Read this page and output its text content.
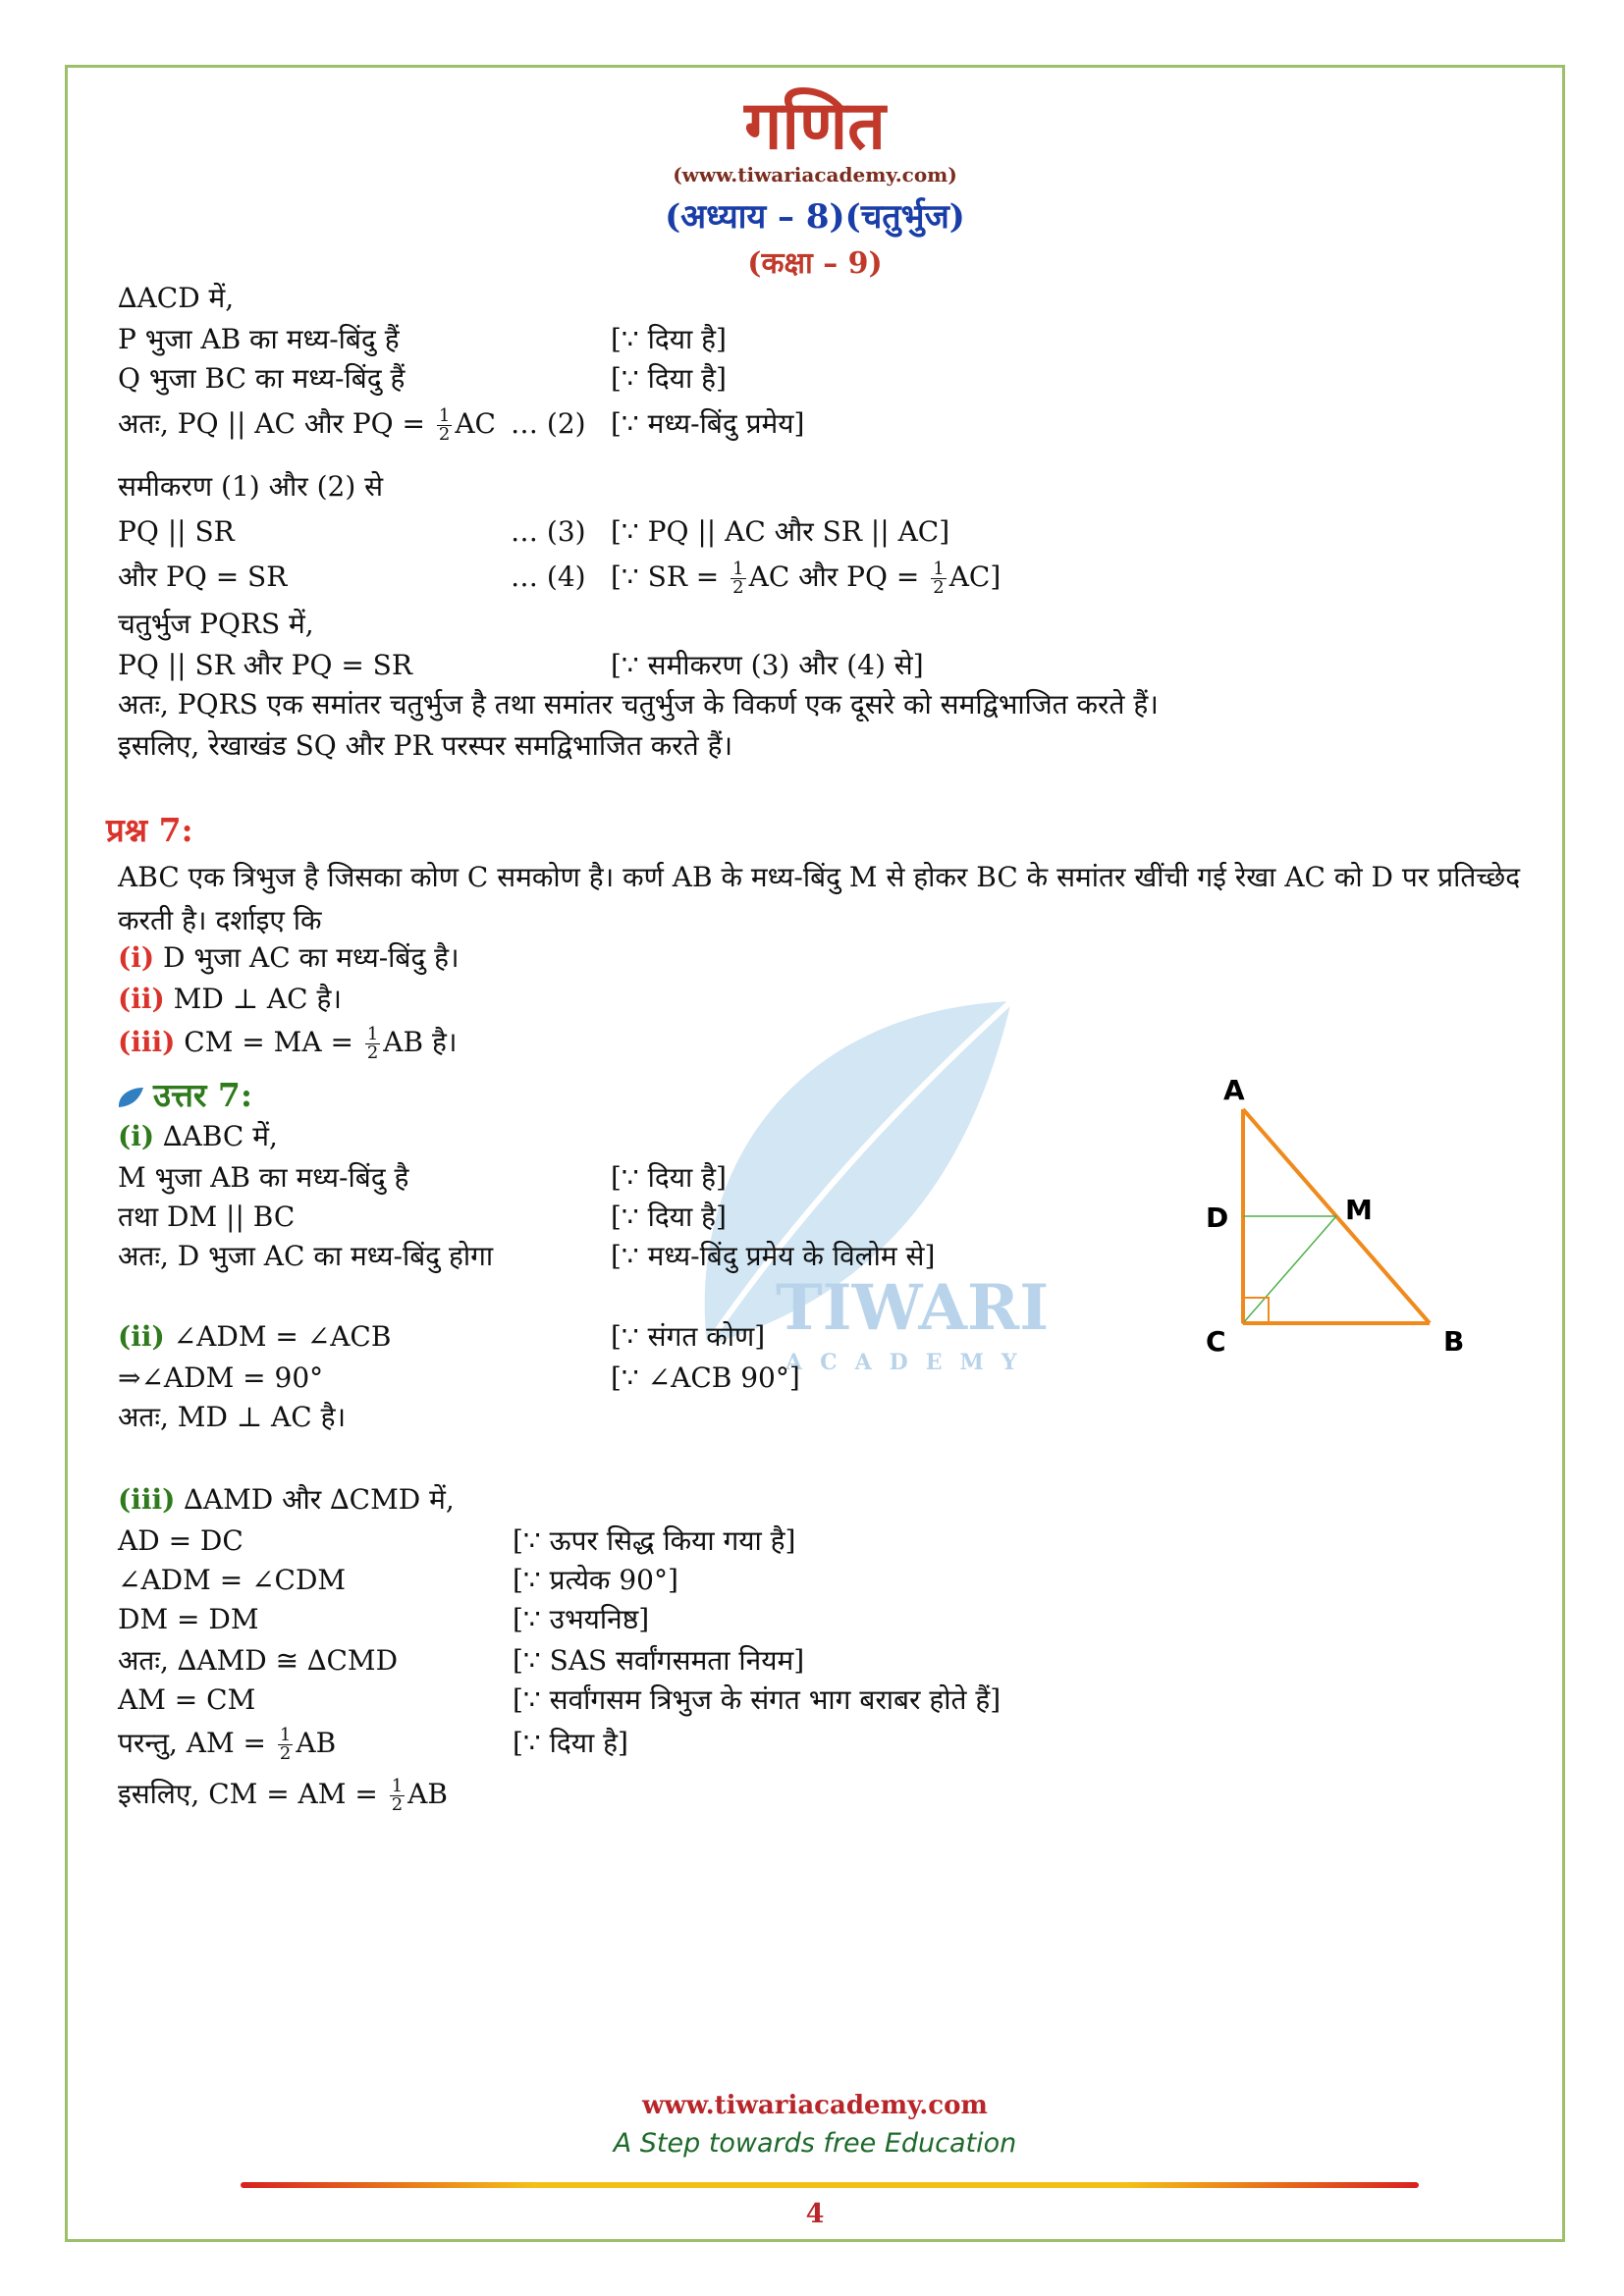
TIWARI
ACADEMY
गणित
(www.tiwariacademy.com)
(अध्याय – 8)(चतुर्भुज)
(कक्षा – 9)
∆ACD में,
P भुजा AB का मध्य-बिंदु हैं	[∵ दिया है]
Q भुजा BC का मध्य-बिंदु हैं	[∵ दिया है]
अतः, PQ || AC और PQ = $\frac{1}{2}$ AC … (2) [∵ मध्य-बिंदु प्रमेय]
समीकरण (1) और (2) से
PQ || SR	… (3) [∵ PQ || AC और SR || AC]
और PQ = SR	… (4) [∵ SR = $\frac{1}{2}$ AC और PQ = $\frac{1}{2} AC$]
चतुर्भुज PQRS में,
PQ || SR और PQ = SR	[∵ समीकरण (3) और (4) से]
अतः, PQRS एक समांतर चतुर्भुज है तथा समांतर चतुर्भुज के विकर्ण एक दूसरे को समद्विभाजित करते हैं।
इसलिए, रेखाखंड SQ और PR परस्पर समद्विभाजित करते हैं।
प्रश्न 7:
ABC एक त्रिभुज है जिसका कोण C समकोण है। कर्ण AB के मध्य-बिंदु M से होकर BC के समांतर खींची गई रेखा AC को D पर प्रतिच्छेद करती है। दर्शाइए कि
(i) D भुजा AC का मध्य-बिंदु है।
(ii) MD ⊥ AC है।
(iii) CM = MA = $\frac{1}{2}$ AB है।
उत्तर 7:
(i) ∆ABC में,
M भुजा AB का मध्य-बिंदु है	[∵ दिया है]
तथा DM || BC	[∵ दिया है]
अतः, D भुजा AC का मध्य-बिंदु होगा	[∵ मध्य-बिंदु प्रमेय के विलोम से]
(ii) ∠ADM = ∠ACB	[∵ संगत कोण]
⇒∠ADM = 90°	[∵ ∠ACB 90°]
अतः, MD ⊥ AC है।
(iii) ∆AMD और ∆CMD में,
AD = DC	[∵ ऊपर सिद्ध किया गया है]
∠ADM = ∠CDM	[∵ प्रत्येक 90°]
DM = DM	[∵ उभयनिष्ठ]
अतः, ∆AMD ≅ ∆CMD	[∵ SAS सर्वांगसमता नियम]
AM = CM	[∵ सर्वांगसम त्रिभुज के संगत भाग बराबर होते हैं]
परन्तु, AM = $\frac{1}{2}$ AB	[∵ दिया है]
इसलिए, CM = AM = $\frac{1}{2}$ AB
A
D	M
C	B
www.tiwariacademy.com
A Step towards free Education
4
